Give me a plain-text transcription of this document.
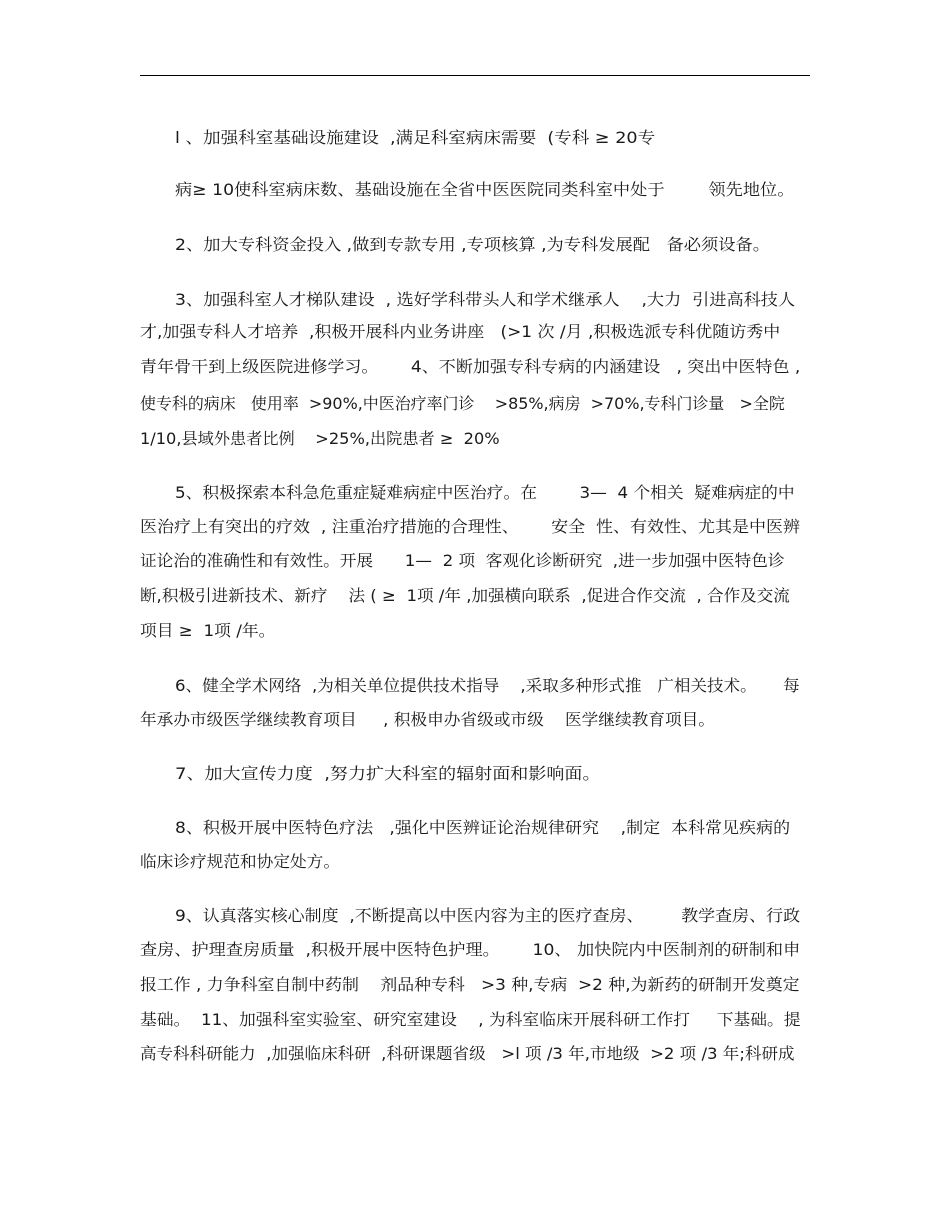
l 、加强科室基础设施建设  ,满足科室病床需要  (专科 ≥ 20专
病≥ 10使科室病床数、基础设施在全省中医医院同类科室中处于        领先地位。
2、加大专科资金投入 ,做到专款专用 ,专项核算 ,为专科发展配   备必须设备。
3、加强科室人才梯队建设  , 选好学科带头人和学术继承人    ,大力  引进高科技人
才,加强专科人才培养  ,积极开展科内业务讲座   (>1 次 /月 ,积极选派专科优随访秀中
青年骨干到上级医院进修学习。      4、不断加强专科专病的内涵建设   , 突出中医特色 ,
使专科的病床   使用率  >90%,中医治疗率门诊    >85%,病房  >70%,专科门诊量   >全院
1/10,县域外患者比例    >25%,出院患者 ≥  20%
5、积极探索本科急危重症疑难病症中医治疗。在        3—  4 个相关  疑难病症的中
医治疗上有突出的疗效  , 注重治疗措施的合理性、      安全  性、有效性、尤其是中医辨
证论治的准确性和有效性。开展      1—  2 项  客观化诊断研究  ,进一步加强中医特色诊
断,积极引进新技术、新疗    法 ( ≥  1项 /年 ,加强横向联系  ,促进合作交流  , 合作及交流
项目 ≥  1项 /年。
6、健全学术网络  ,为相关单位提供技术指导    ,采取多种形式推   广相关技术。     每
年承办市级医学继续教育项目     , 积极申办省级或市级    医学继续教育项目。
7、加大宣传力度  ,努力扩大科室的辐射面和影响面。
8、积极开展中医特色疗法   ,强化中医辨证论治规律研究    ,制定  本科常见疾病的
临床诊疗规范和协定处方。
9、认真落实核心制度  ,不断提高以中医内容为主的医疗查房、       教学查房、行政
查房、护理查房质量  ,积极开展中医特色护理。      10、 加快院内中医制剂的研制和申
报工作 , 力争科室自制中药制    剂品种专科   >3 种,专病  >2 种,为新药的研制开发奠定
基础。  11、加强科室实验室、研究室建设    , 为科室临床开展科研工作打     下基础。提
高专科科研能力  ,加强临床科研  ,科研课题省级   >l 项 /3 年,市地级  >2 项 /3 年;科研成
